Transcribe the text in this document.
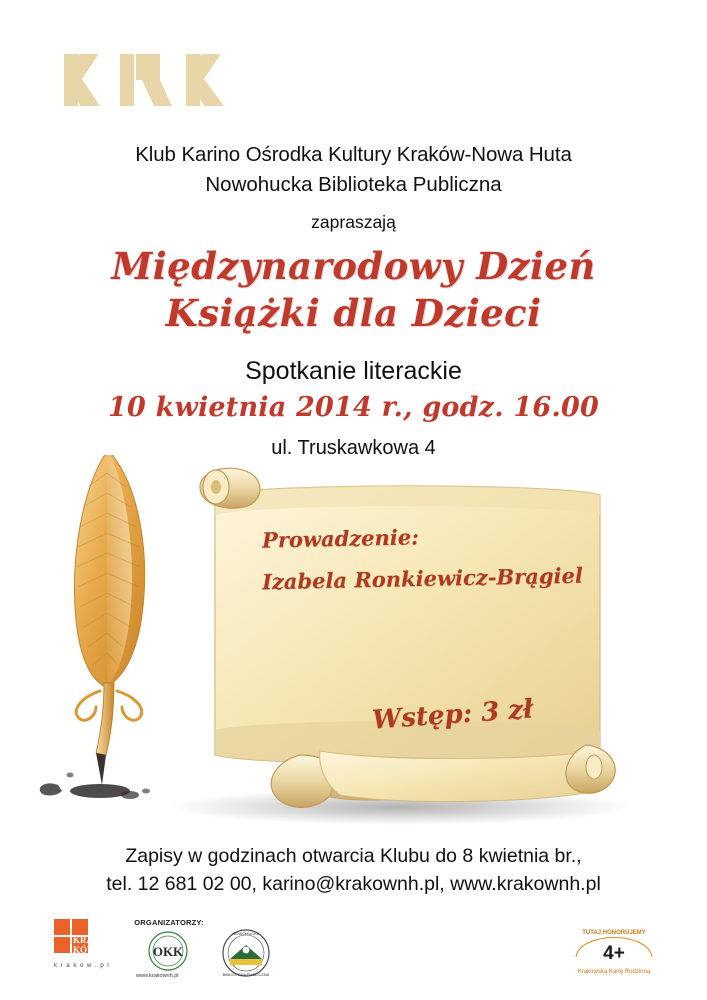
Klub Karino Ośrodka Kultury Kraków-Nowa Huta
Nowohucka Biblioteka Publiczna
zapraszają
Międzynarodowy Dzień
Książki dla Dzieci
Spotkanie literackie
10 kwietnia 2014 r., godz. 16.00
ul. Truskawkowa 4
Prowadzenie:
Izabela Ronkiewicz-Brągiel
Wstęp: 3 zł
Zapisy w godzinach otwarcia Klubu do 8 kwietnia br.,
tel. 12 681 02 00, karino@krakownh.pl, www.krakownh.pl
KRA
KÓW
k r a k o w . p l
ORGANIZATORZY:
OKK
www.krakownh.pl
NOWOHUCKA
BIBLIOTEKA PUBLICZNA
TUTAJ HONORUJEMY
4+
Krakowską Kartę Rodzinną
